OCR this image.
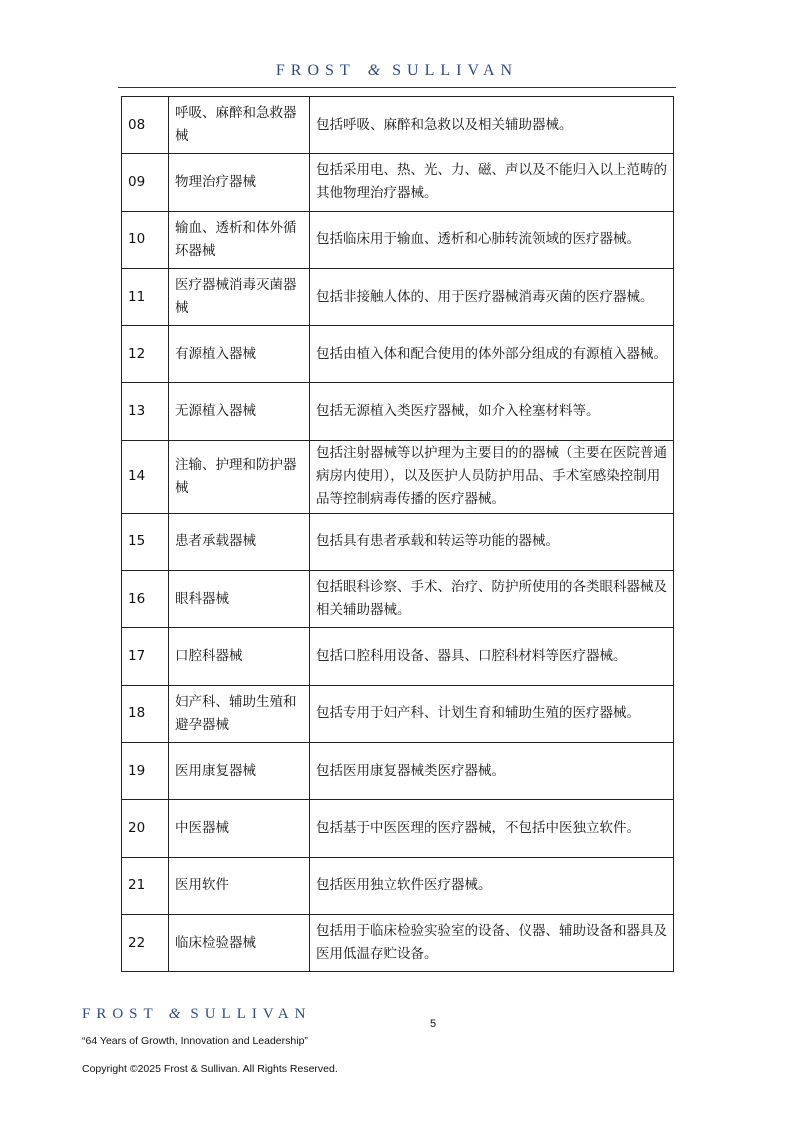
FROST & SULLIVAN
08	呼吸、麻醉和急救器械	包括呼吸、麻醉和急救以及相关辅助器械。
09	物理治疗器械	包括采用电、热、光、力、磁、声以及不能归入以上范畴的其他物理治疗器械。
10	输血、透析和体外循环器械	包括临床用于输血、透析和心肺转流领域的医疗器械。
11	医疗器械消毒灭菌器械	包括非接触人体的、用于医疗器械消毒灭菌的医疗器械。
12	有源植入器械	包括由植入体和配合使用的体外部分组成的有源植入器械。
13	无源植入器械	包括无源植入类医疗器械，如介入栓塞材料等。
14	注输、护理和防护器械	包括注射器械等以护理为主要目的的器械（主要在医院普通病房内使用），以及医护人员防护用品、手术室感染控制用品等控制病毒传播的医疗器械。
15	患者承载器械	包括具有患者承载和转运等功能的器械。
16	眼科器械	包括眼科诊察、手术、治疗、防护所使用的各类眼科器械及相关辅助器械。
17	口腔科器械	包括口腔科用设备、器具、口腔科材料等医疗器械。
18	妇产科、辅助生殖和避孕器械	包括专用于妇产科、计划生育和辅助生殖的医疗器械。
19	医用康复器械	包括医用康复器械类医疗器械。
20	中医器械	包括基于中医医理的医疗器械，不包括中医独立软件。
21	医用软件	包括医用独立软件医疗器械。
22	临床检验器械	包括用于临床检验实验室的设备、仪器、辅助设备和器具及医用低温存贮设备。
FROST & SULLIVAN
5
“64 Years of Growth, Innovation and Leadership”
Copyright ©2025 Frost & Sullivan. All Rights Reserved.
